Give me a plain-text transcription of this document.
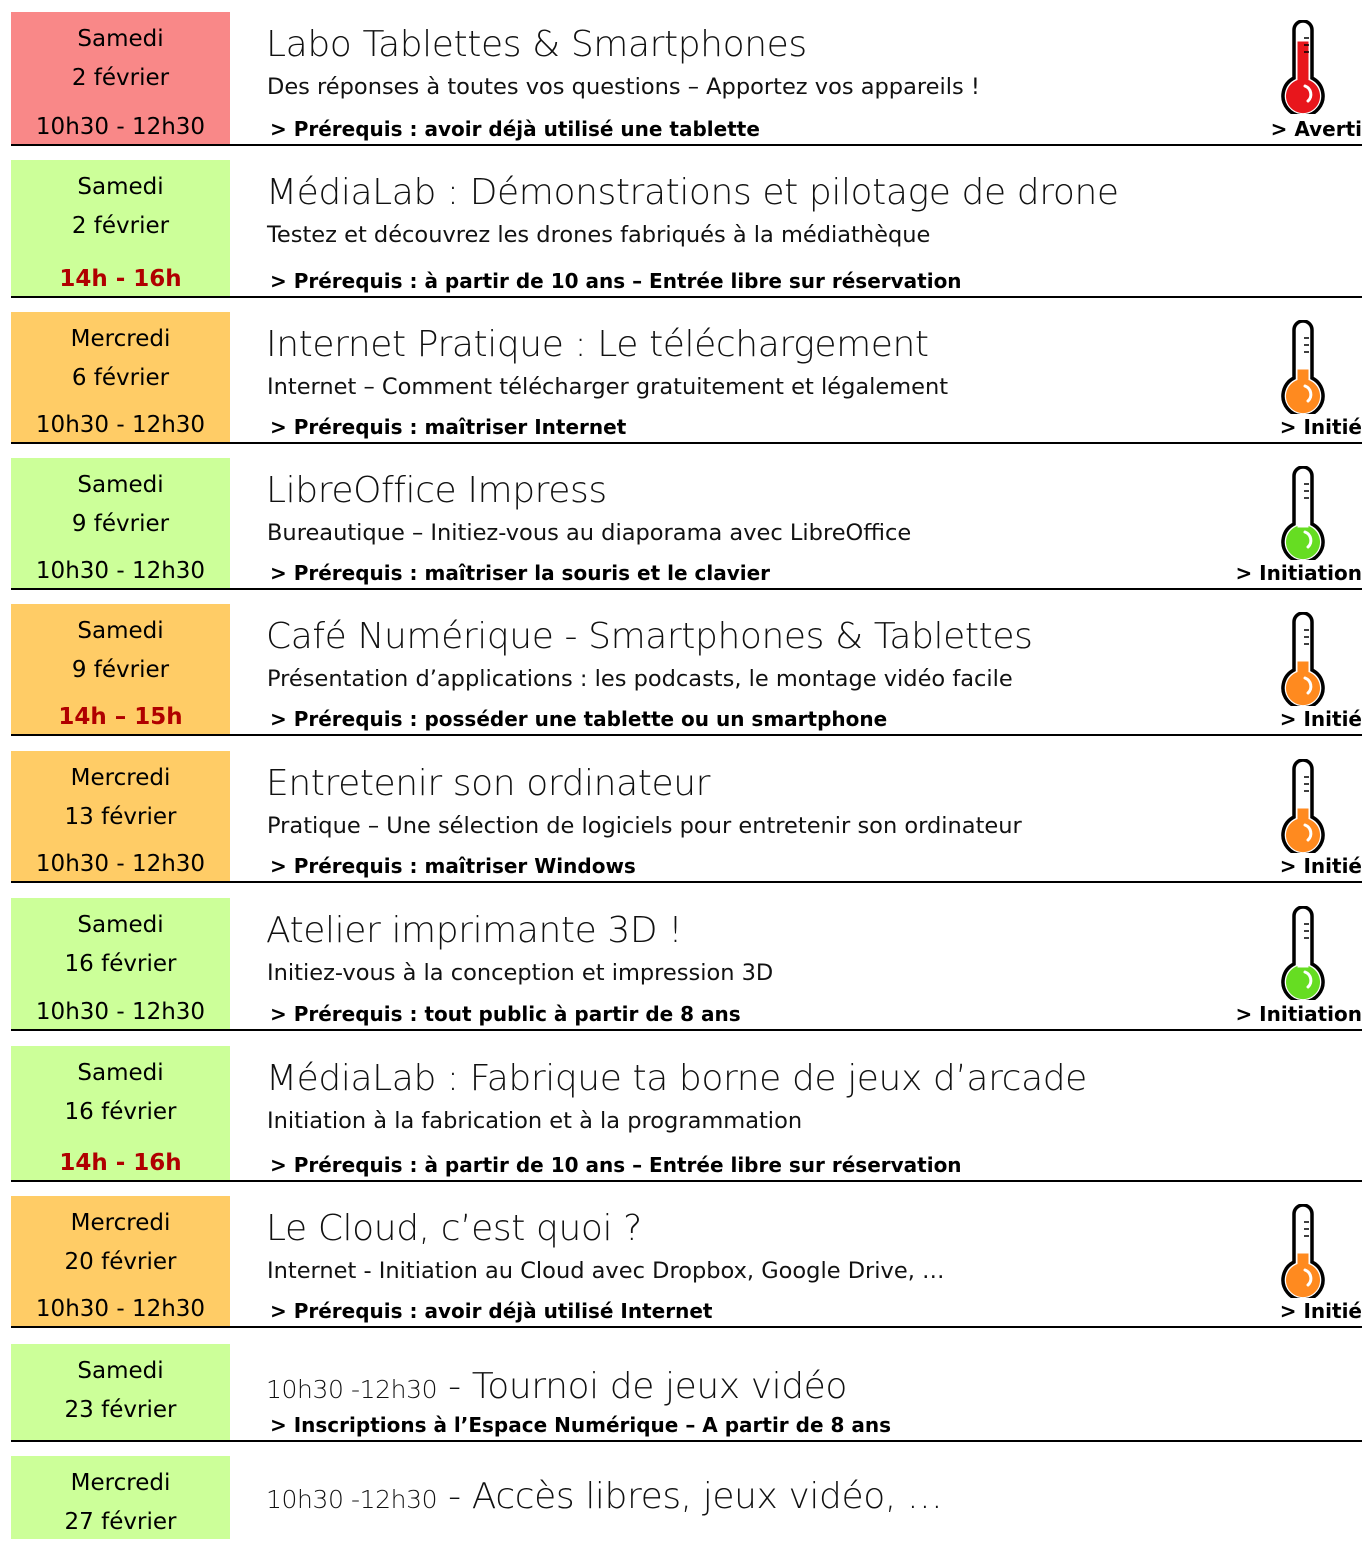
Samedi
2 février
10h30 - 12h30
Labo Tablettes & Smartphones
Des réponses à toutes vos questions – Apportez vos appareils !
> Prérequis : avoir déjà utilisé une tablette	> Averti
Samedi
2 février
14h - 16h
MédiaLab : Démonstrations et pilotage de drone
Testez et découvrez les drones fabriqués à la médiathèque
> Prérequis : à partir de 10 ans – Entrée libre sur réservation
Mercredi
6 février
10h30 - 12h30
Internet Pratique : Le téléchargement
Internet – Comment télécharger gratuitement et légalement
> Prérequis : maîtriser Internet	> Initié
Samedi
9 février
10h30 - 12h30
LibreOffice Impress
Bureautique – Initiez-vous au diaporama avec LibreOffice
> Prérequis : maîtriser la souris et le clavier	> Initiation
Samedi
9 février
14h – 15h
Café Numérique - Smartphones & Tablettes
Présentation d’applications : les podcasts, le montage vidéo facile
> Prérequis : posséder une tablette ou un smartphone	> Initié
Mercredi
13 février
10h30 - 12h30
Entretenir son ordinateur
Pratique – Une sélection de logiciels pour entretenir son ordinateur
> Prérequis : maîtriser Windows	> Initié
Samedi
16 février
10h30 - 12h30
Atelier imprimante 3D !
Initiez-vous à la conception et impression 3D
> Prérequis : tout public à partir de 8 ans	> Initiation
Samedi
16 février
14h - 16h
MédiaLab : Fabrique ta borne de jeux d’arcade
Initiation à la fabrication et à la programmation
> Prérequis : à partir de 10 ans – Entrée libre sur réservation
Mercredi
20 février
10h30 - 12h30
Le Cloud, c’est quoi ?
Internet - Initiation au Cloud avec Dropbox, Google Drive, …
> Prérequis : avoir déjà utilisé Internet	> Initié
Samedi
23 février
10h30 -12h30 - Tournoi de jeux vidéo
> Inscriptions à l’Espace Numérique – A partir de 8 ans
Mercredi
27 février
10h30 -12h30 - Accès libres, jeux vidéo, …
